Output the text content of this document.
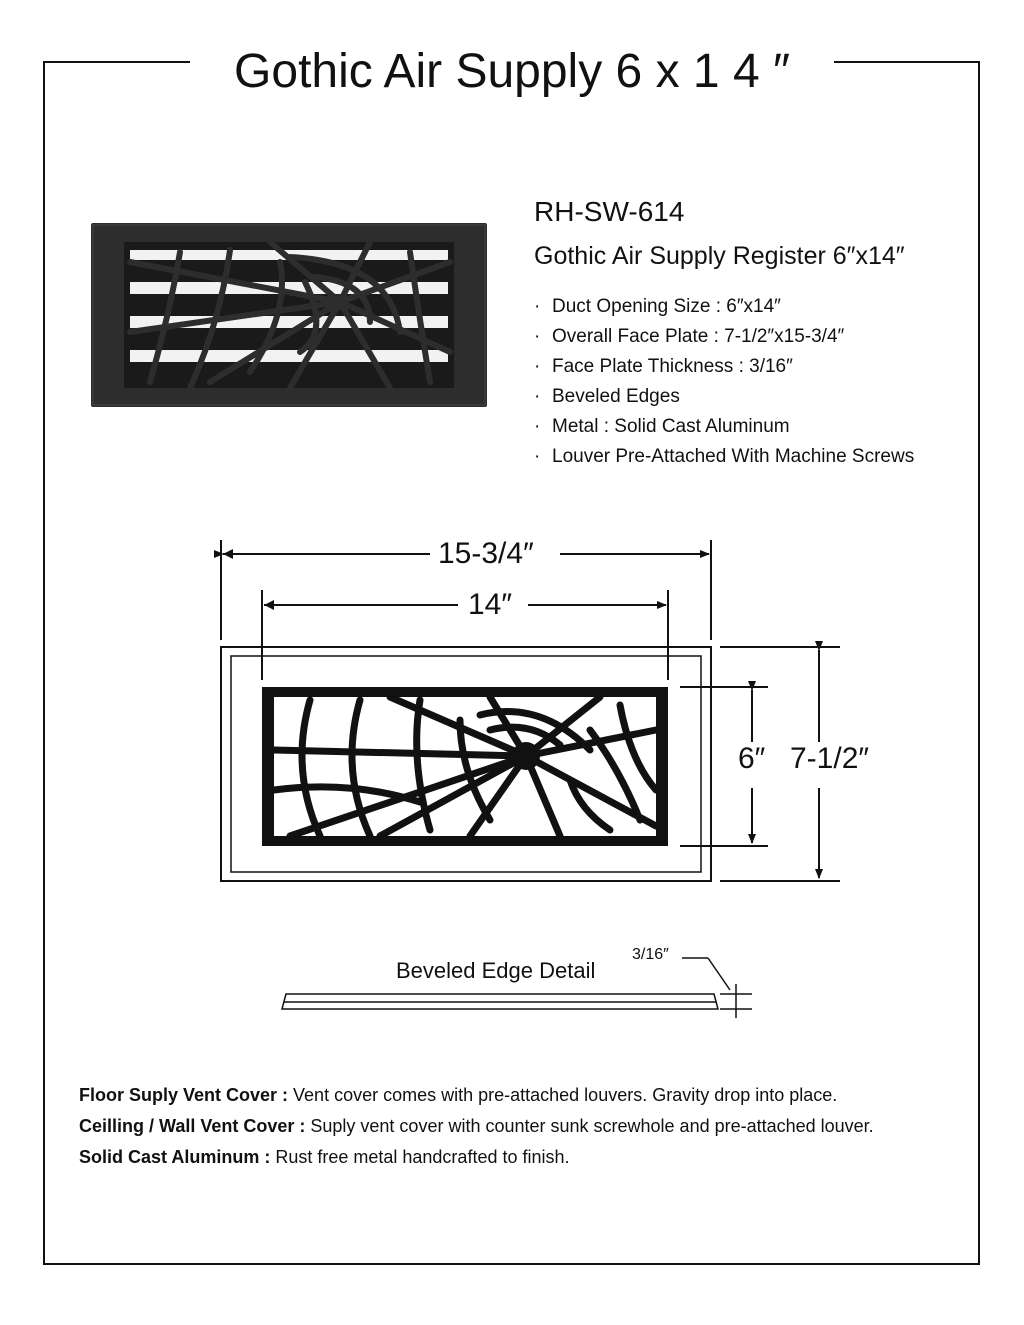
Gothic Air Supply 6 x 1 4 ″
RH-SW-614
Gothic Air Supply Register 6″x14″
· Duct Opening Size : 6″x14″
· Overall Face Plate : 7-1/2″x15-3/4″
· Face Plate Thickness : 3/16″
· Beveled Edges
· Metal : Solid Cast Aluminum
· Louver Pre-Attached With Machine Screws
15-3/4″
14″
6″ 7-1/2″
Beveled Edge Detail
3/16″
Floor Suply Vent Cover : Vent cover comes with pre-attached louvers. Gravity drop into place.
Ceilling / Wall Vent Cover : Suply vent cover with counter sunk screwhole and pre-attached louver.
Solid Cast Aluminum : Rust free metal handcrafted to finish.
